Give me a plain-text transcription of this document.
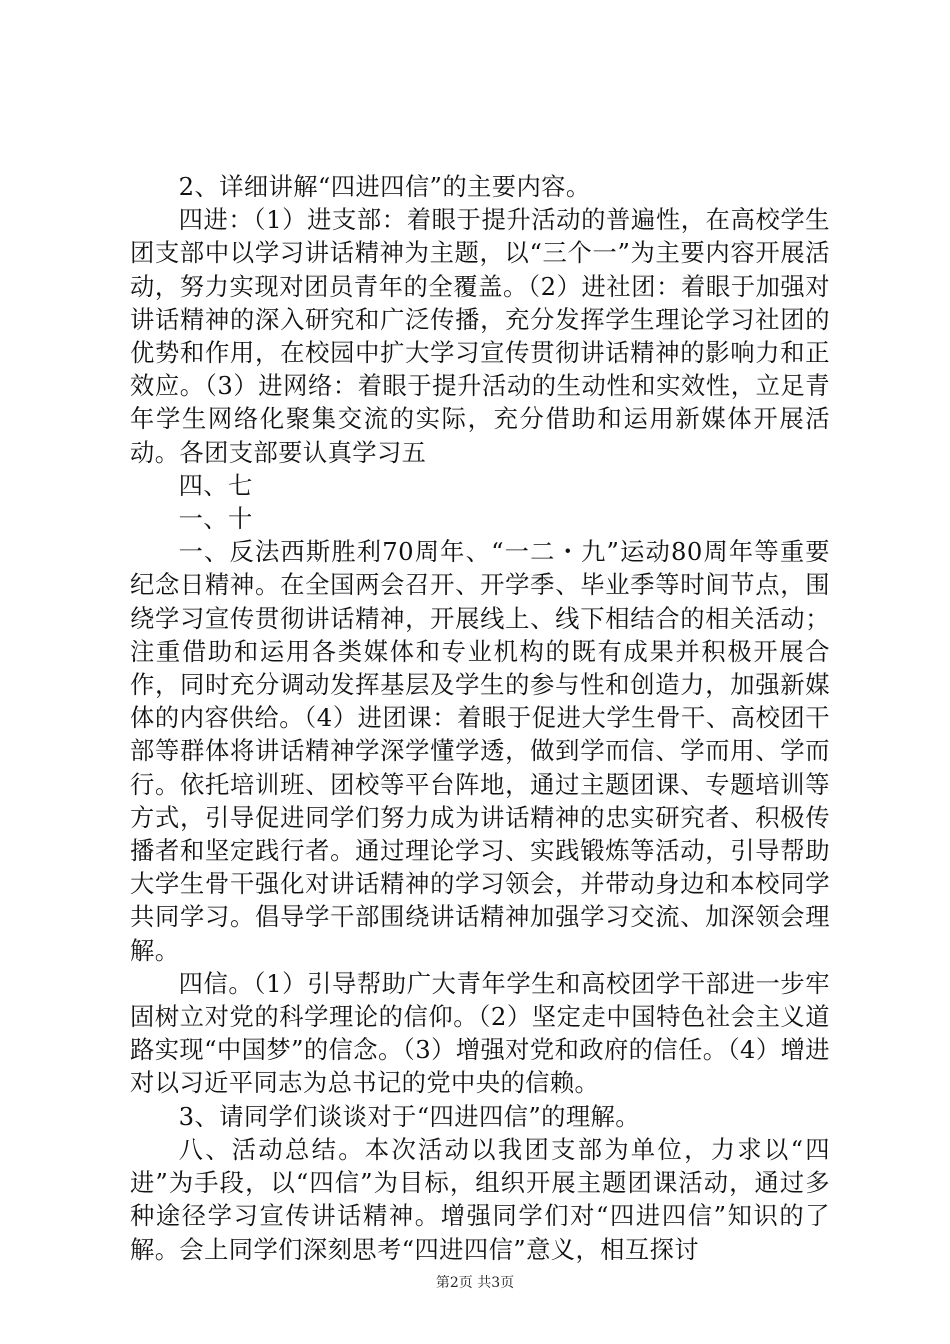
2、详细讲解“四进四信”的主要内容。

四进：（1）进支部：着眼于提升活动的普遍性，在高校学生团支部中以学习讲话精神为主题，以“三个一”为主要内容开展活动，努力实现对团员青年的全覆盖。（2）进社团：着眼于加强对讲话精神的深入研究和广泛传播，充分发挥学生理论学习社团的优势和作用，在校园中扩大学习宣传贯彻讲话精神的影响力和正效应。（3）进网络：着眼于提升活动的生动性和实效性，立足青年学生网络化聚集交流的实际，充分借助和运用新媒体开展活动。各团支部要认真学习五

四、七

一、十

一、反法西斯胜利70周年、“一二・九”运动80周年等重要纪念日精神。在全国两会召开、开学季、毕业季等时间节点，围绕学习宣传贯彻讲话精神，开展线上、线下相结合的相关活动；注重借助和运用各类媒体和专业机构的既有成果并积极开展合作，同时充分调动发挥基层及学生的参与性和创造力，加强新媒体的内容供给。（4）进团课：着眼于促进大学生骨干、高校团干部等群体将讲话精神学深学懂学透，做到学而信、学而用、学而行。依托培训班、团校等平台阵地，通过主题团课、专题培训等方式，引导促进同学们努力成为讲话精神的忠实研究者、积极传播者和坚定践行者。通过理论学习、实践锻炼等活动，引导帮助大学生骨干强化对讲话精神的学习领会，并带动身边和本校同学共同学习。倡导学干部围绕讲话精神加强学习交流、加深领会理解。

四信。（1）引导帮助广大青年学生和高校团学干部进一步牢固树立对党的科学理论的信仰。（2）坚定走中国特色社会主义道路实现“中国梦”的信念。（3）增强对党和政府的信任。（4）增进对以习近平同志为总书记的党中央的信赖。

3、请同学们谈谈对于“四进四信”的理解。

八、活动总结。本次活动以我团支部为单位，力求以“四进”为手段，以“四信”为目标，组织开展主题团课活动，通过多种途径学习宣传讲话精神。增强同学们对“四进四信”知识的了解。会上同学们深刻思考“四进四信”意义，相互探讨

第2页 共3页
